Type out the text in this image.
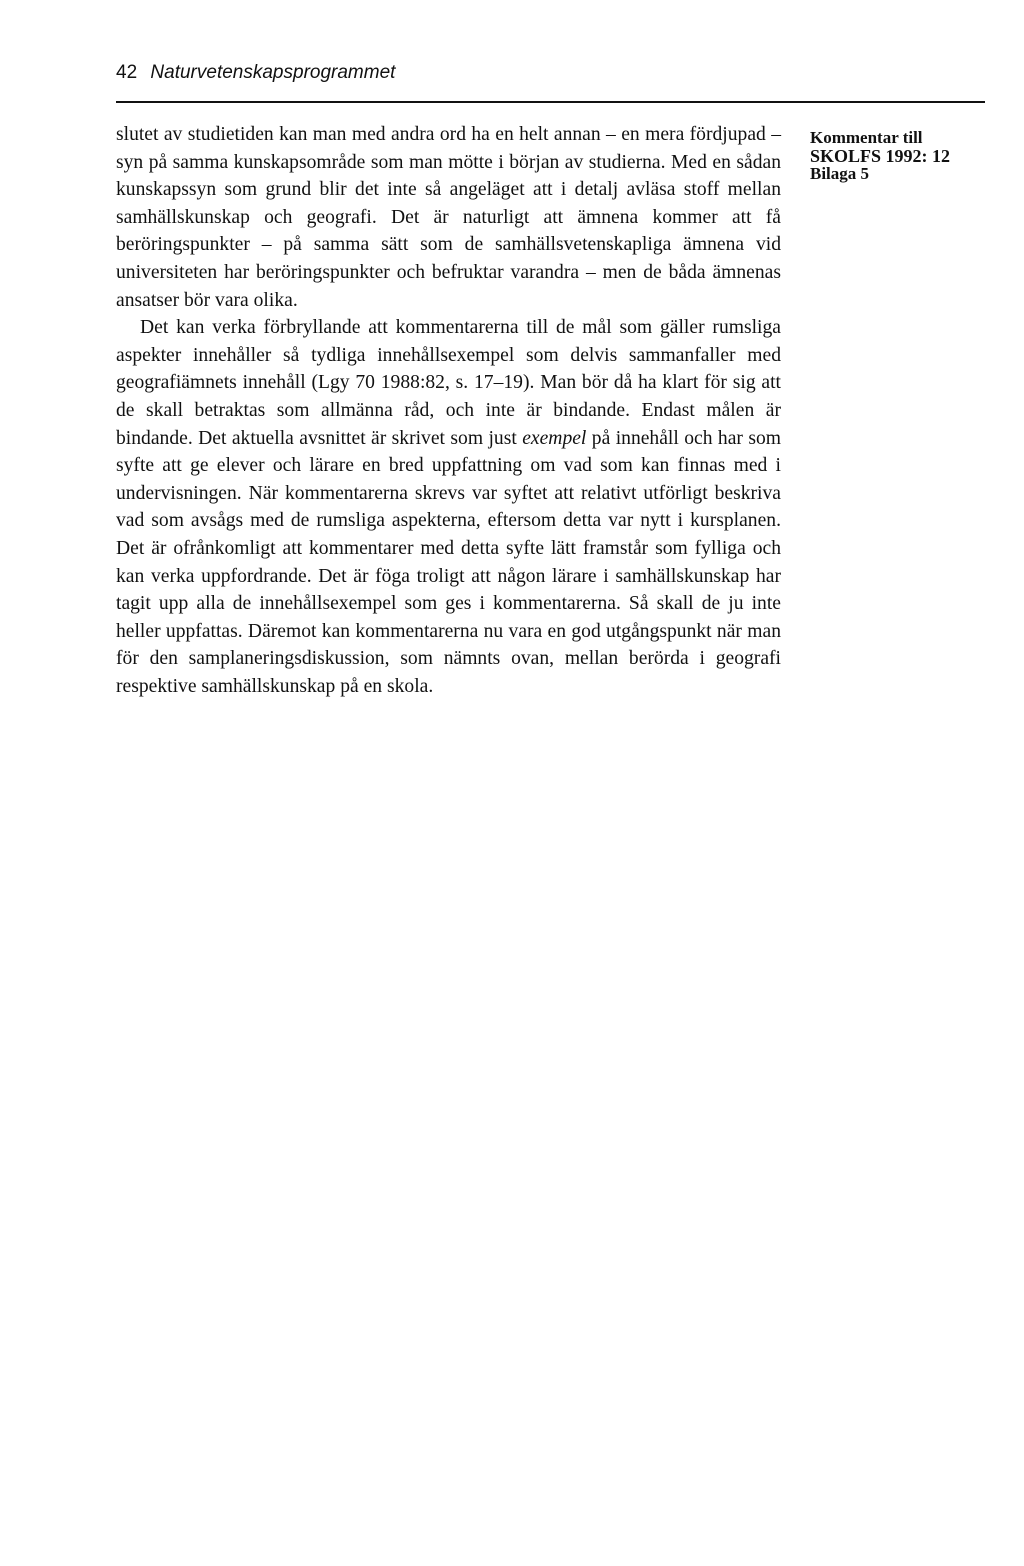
42 Naturvetenskapsprogrammet

slutet av studietiden kan man med andra ord ha en helt annan – en mera fördjupad – syn på samma kunskapsområde som man mötte i början av studierna. Med en sådan kunskapssyn som grund blir det inte så angeläget att i detalj avläsa stoff mellan samhällskunskap och geografi. Det är naturligt att ämnena kommer att få beröringspunkter – på samma sätt som de samhällsvetenskapliga ämnena vid universiteten har beröringspunkter och befruktar varandra – men de båda ämnenas ansatser bör vara olika.

Det kan verka förbryllande att kommentarerna till de mål som gäller rumsliga aspekter innehåller så tydliga innehållsexempel som delvis sammanfaller med geografiämnets innehåll (Lgy 70 1988:82, s. 17–19). Man bör då ha klart för sig att de skall betraktas som allmänna råd, och inte är bindande. Endast målen är bindande. Det aktuella avsnittet är skrivet som just exempel på innehåll och har som syfte att ge elever och lärare en bred uppfattning om vad som kan finnas med i undervisningen. När kommentarerna skrevs var syftet att relativt utförligt beskriva vad som avsågs med de rumsliga aspekterna, eftersom detta var nytt i kursplanen. Det är ofrånkomligt att kommentarer med detta syfte lätt framstår som fylliga och kan verka uppfordrande. Det är föga troligt att någon lärare i samhällskunskap har tagit upp alla de innehållsexempel som ges i kommentarerna. Så skall de ju inte heller uppfattas. Däremot kan kommentarerna nu vara en god utgångspunkt när man för den samplaneringsdiskussion, som nämnts ovan, mellan berörda i geografi respektive samhällskunskap på en skola.

Kommentar till
SKOLFS 1992: 12
Bilaga 5
